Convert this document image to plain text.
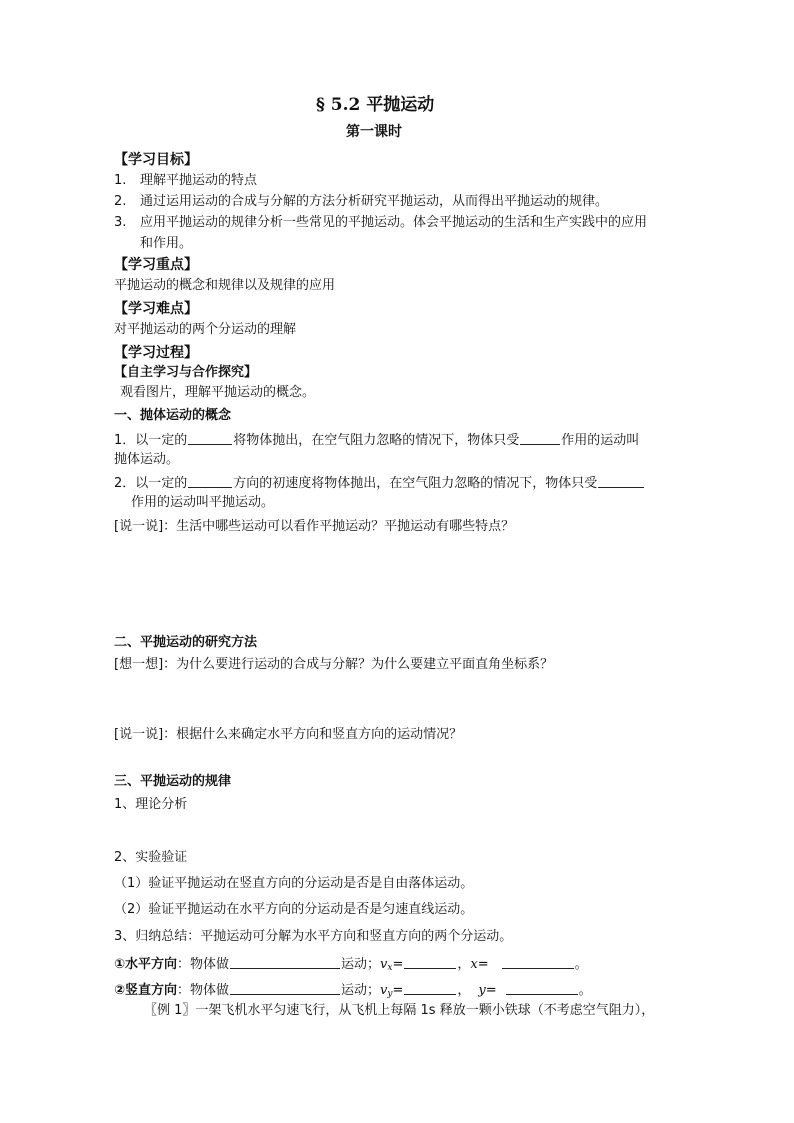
§ 5.2 平抛运动
第一课时
【学习目标】
1. 理解平抛运动的特点
2. 通过运用运动的合成与分解的方法分析研究平抛运动，从而得出平抛运动的规律。
3. 应用平抛运动的规律分析一些常见的平抛运动。体会平抛运动的生活和生产实践中的应用
和作用。
【学习重点】
平抛运动的概念和规律以及规律的应用
【学习难点】
对平抛运动的两个分运动的理解
【学习过程】
【自主学习与合作探究】
观看图片，理解平抛运动的概念。
一、抛体运动的概念
1．以一定的	将物体抛出，在空气阻力忽略的情况下，物体只受	作用的运动叫
抛体运动。
2．以一定的	方向的初速度将物体抛出，在空气阻力忽略的情况下，物体只受
作用的运动叫平抛运动。
[说一说]：生活中哪些运动可以看作平抛运动？平抛运动有哪些特点？
二、平抛运动的研究方法
[想一想]：为什么要进行运动的合成与分解？为什么要建立平面直角坐标系？
[说一说]：根据什么来确定水平方向和竖直方向的运动情况？
三、平抛运动的规律
1、理论分析
2、实验验证
（1）验证平抛运动在竖直方向的分运动是否是自由落体运动。
（2）验证平抛运动在水平方向的分运动是否是匀速直线运动。
3、归纳总结：平抛运动可分解为水平方向和竖直方向的两个分运动。
①水平方向：物体做	运动；vx=	，x=	。
②竖直方向：物体做	运动；vy=	， y=	。
〖例 1〗一架飞机水平匀速飞行，从飞机上每隔 1s 释放一颗小铁球（不考虑空气阻力），
